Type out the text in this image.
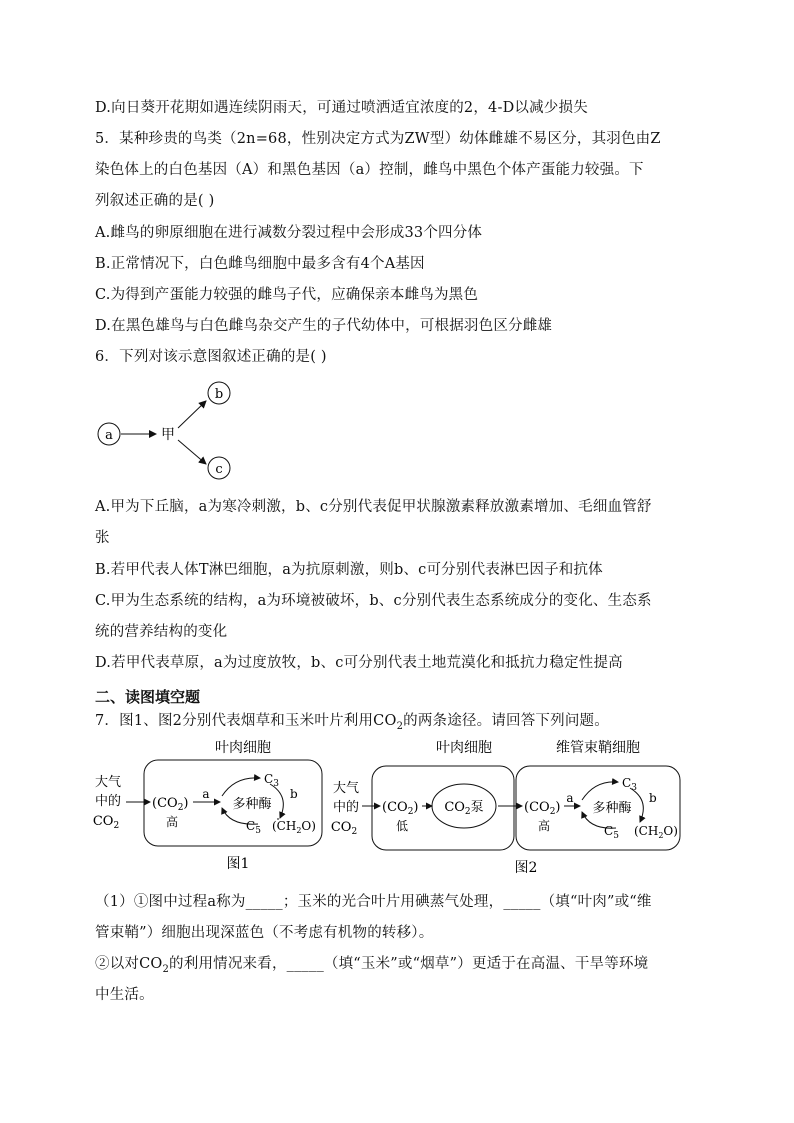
D.向日葵开花期如遇连续阴雨天，可通过喷洒适宜浓度的2，4-D以减少损失
5．某种珍贵的鸟类（2n=68，性别决定方式为ZW型）幼体雌雄不易区分，其羽色由Z
染色体上的白色基因（A）和黑色基因（a）控制，雌鸟中黑色个体产蛋能力较强。下
列叙述正确的是( )
A.雌鸟的卵原细胞在进行减数分裂过程中会形成33个四分体
B.正常情况下，白色雌鸟细胞中最多含有4个A基因
C.为得到产蛋能力较强的雌鸟子代，应确保亲本雌鸟为黑色
D.在黑色雄鸟与白色雌鸟杂交产生的子代幼体中，可根据羽色区分雌雄
6．下列对该示意图叙述正确的是( )
a	甲
b
c
A.甲为下丘脑，a为寒冷刺激，b、c分别代表促甲状腺激素释放激素增加、毛细血管舒
张
B.若甲代表人体T淋巴细胞，a为抗原刺激，则b、c可分别代表淋巴因子和抗体
C.甲为生态系统的结构，a为环境被破坏，b、c分别代表生态系统成分的变化、生态系
统的营养结构的变化
D.若甲代表草原，a为过度放牧，b、c可分别代表土地荒漠化和抵抗力稳定性提高
二、读图填空题
7．图1、图2分别代表烟草和玉米叶片利用$CO_2$的两条途径。请回答下列问题。
叶肉细胞
大气
中的
$CO_2$
$(CO_2)$
高
a
$C_3$
多种酶
b
$C_5$ $(CH_2O)$
图1
叶肉细胞	维管束鞘细胞
大气
中的
$CO_2$
$(CO_2)$
低
$CO_2$泵	$(CO_2)$
高
a
$C_3$
多种酶
b
$C_5$ $(CH_2O)$
图2
（1）①图中过程a称为_____；玉米的光合叶片用碘蒸气处理，_____（填“叶肉”或“维
管束鞘”）细胞出现深蓝色（不考虑有机物的转移）。
②以对$CO_2$的利用情况来看，_____（填“玉米”或“烟草”）更适于在高温、干旱等环境
中生活。
